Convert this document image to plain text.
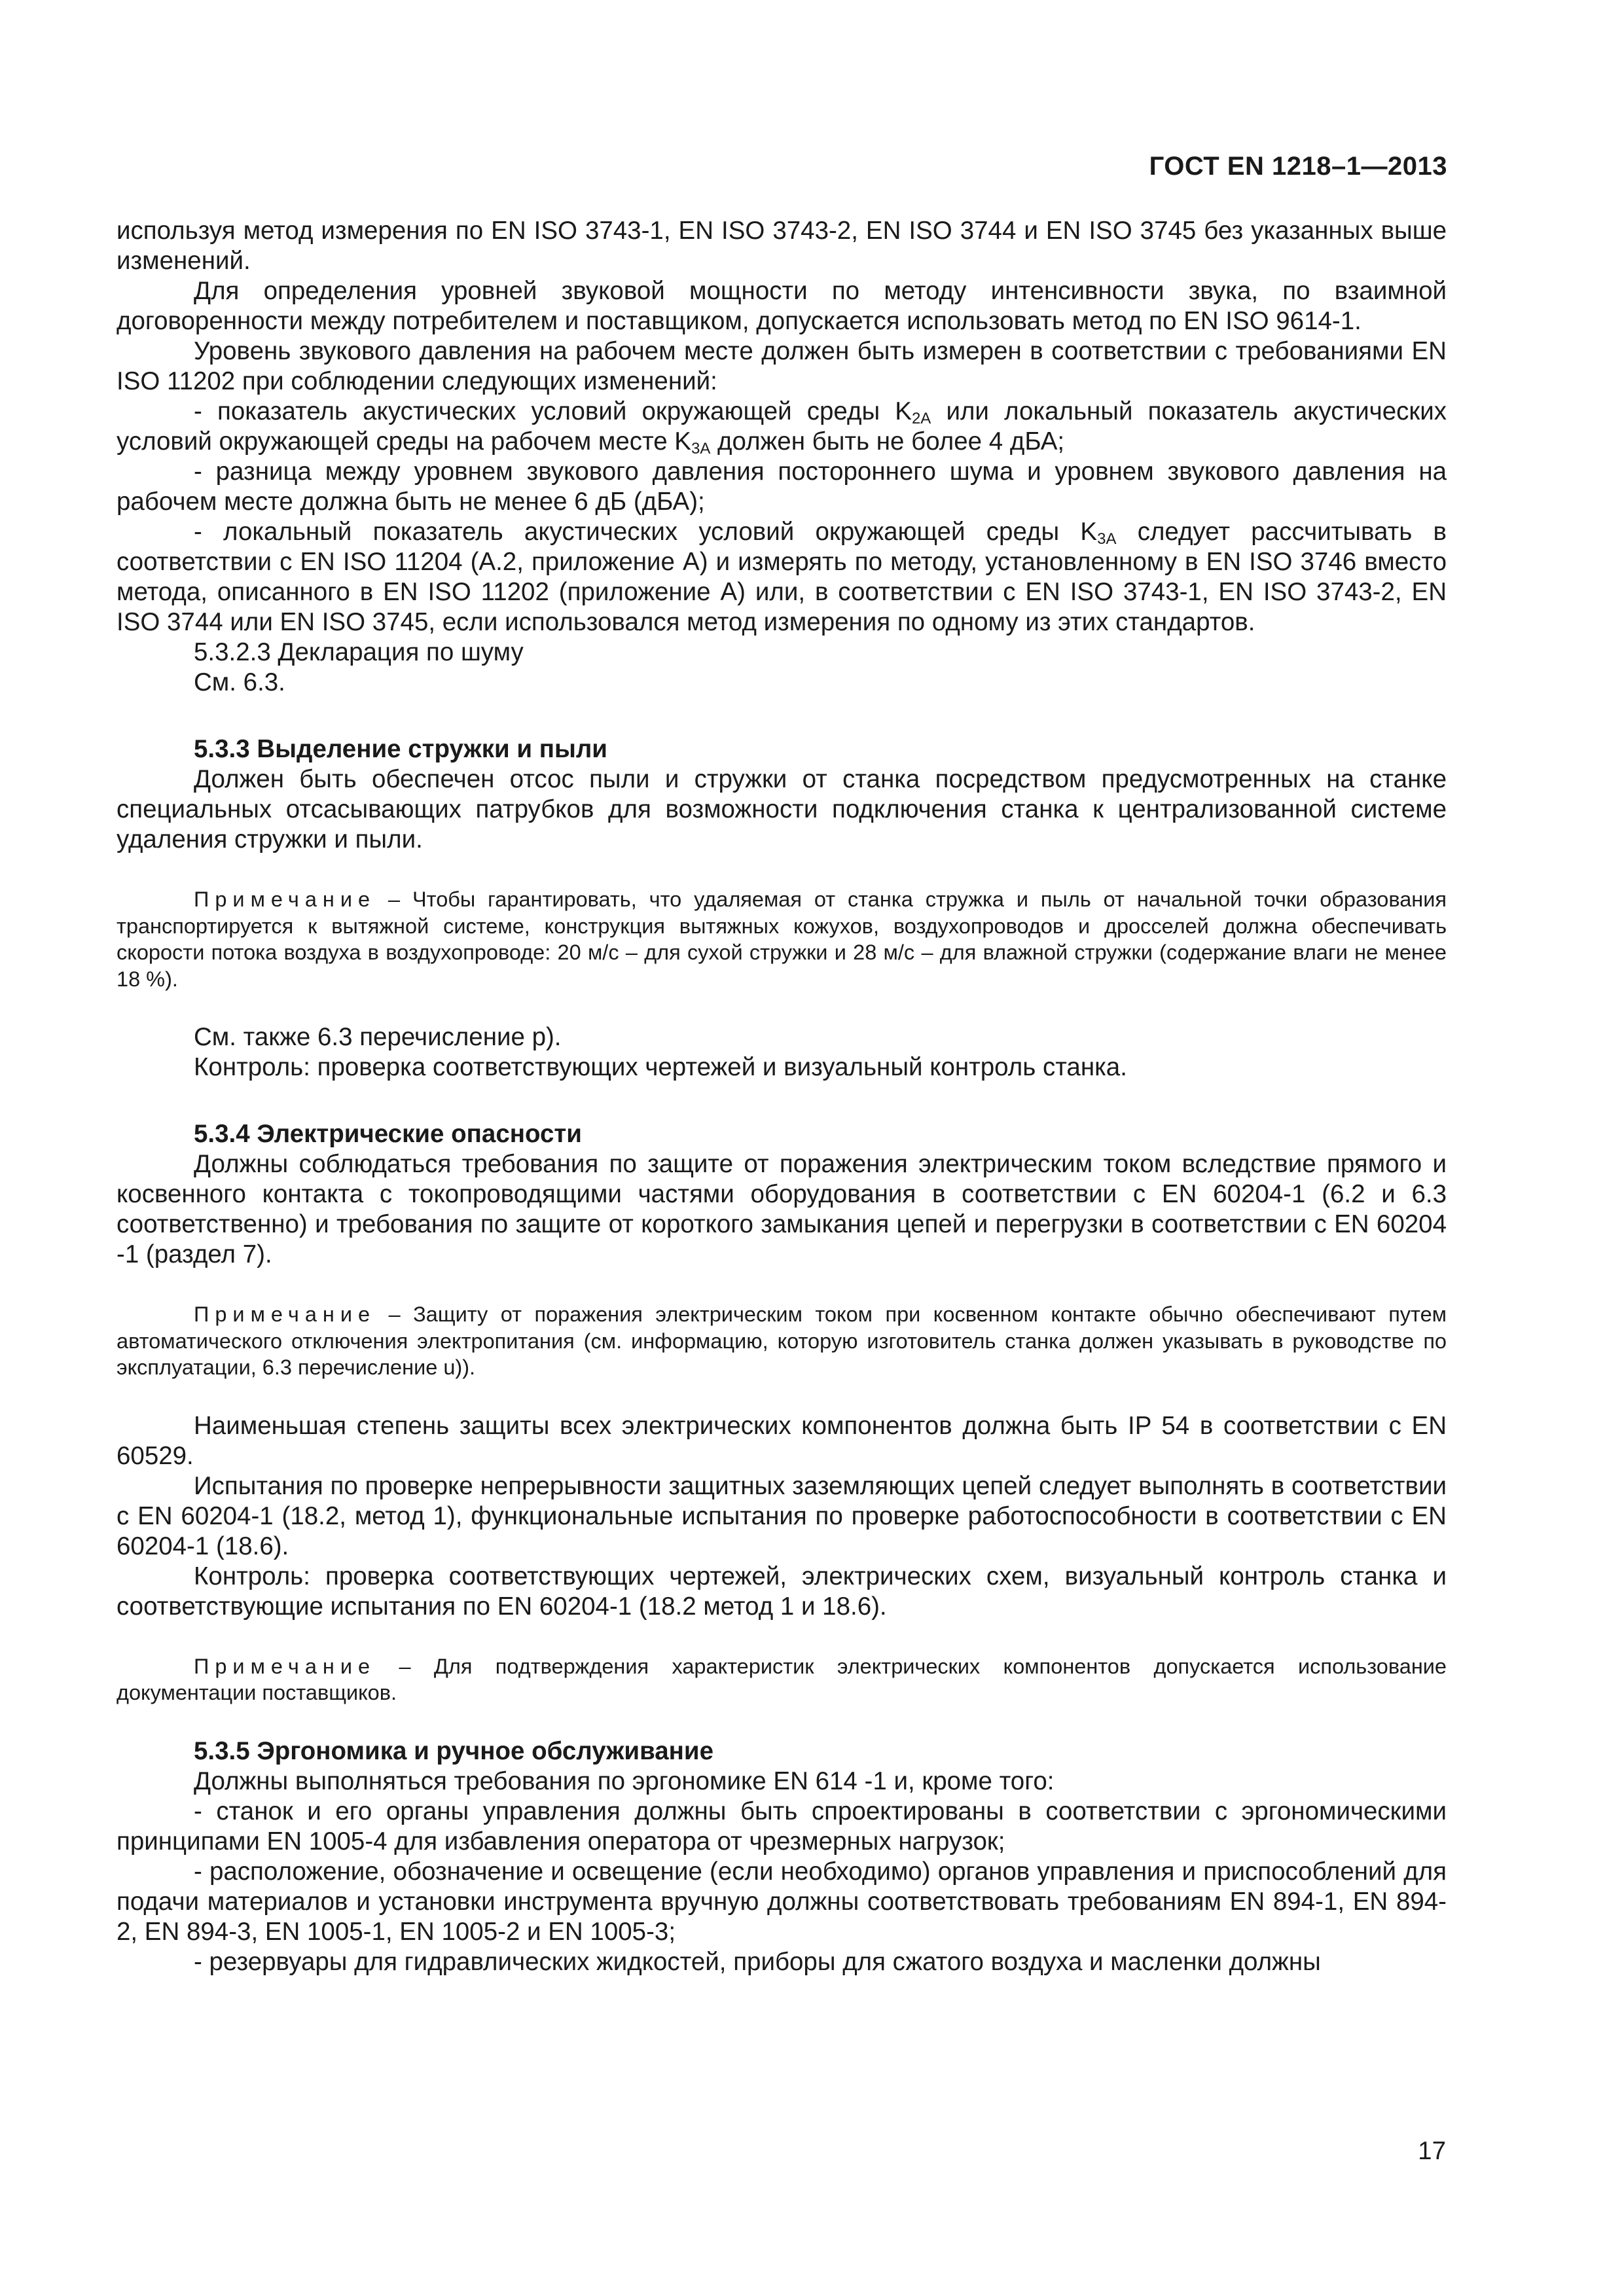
ГОСТ EN 1218–1—2013

используя метод измерения по EN ISO 3743-1, EN ISO 3743-2, EN ISO 3744 и EN ISO 3745 без указанных выше изменений.

Для определения уровней звуковой мощности по методу интенсивности звука, по взаимной договоренности между потребителем и поставщиком, допускается использовать метод по EN ISO 9614-1.

Уровень звукового давления на рабочем месте должен быть измерен в соответствии с требованиями EN ISO 11202 при соблюдении следующих изменений:

- показатель акустических условий окружающей среды $K_{2A}$ или локальный показатель акустических условий окружающей среды на рабочем месте $K_{3A}$ должен быть не более 4 дБА;

- разница между уровнем звукового давления постороннего шума и уровнем звукового давления на рабочем месте должна быть не менее 6 дБ (дБА);

- локальный показатель акустических условий окружающей среды $K_{3A}$ следует рассчитывать в соответствии с EN ISO 11204 (А.2, приложение А) и измерять по методу, установленному в EN ISO 3746 вместо метода, описанного в EN ISO 11202 (приложение А) или, в соответствии с EN ISO 3743-1, EN ISO 3743-2, EN ISO 3744 или EN ISO 3745, если использовался метод измерения по одному из этих стандартов.

5.3.2.3 Декларация по шуму

См. 6.3.

5.3.3 Выделение стружки и пыли

Должен быть обеспечен отсос пыли и стружки от станка посредством предусмотренных на станке специальных отсасывающих патрубков для возможности подключения станка к централизованной системе удаления стружки и пыли.

Примечание – Чтобы гарантировать, что удаляемая от станка стружка и пыль от начальной точки образования транспортируется к вытяжной системе, конструкция вытяжных кожухов, воздухопроводов и дросселей должна обеспечивать скорости потока воздуха в воздухопроводе: 20 м/с – для сухой стружки и 28 м/с – для влажной стружки (содержание влаги не менее 18 %).

См. также 6.3 перечисление р).

Контроль: проверка соответствующих чертежей и визуальный контроль станка.

5.3.4 Электрические опасности

Должны соблюдаться требования по защите от поражения электрическим током вследствие прямого и косвенного контакта с токопроводящими частями оборудования в соответствии с EN 60204-1 (6.2 и 6.3 соответственно) и требования по защите от короткого замыкания цепей и перегрузки в соответствии с EN 60204 -1 (раздел 7).

Примечание – Защиту от поражения электрическим током при косвенном контакте обычно обеспечивают путем автоматического отключения электропитания (см. информацию, которую изготовитель станка должен указывать в руководстве по эксплуатации, 6.3 перечисление u)).

Наименьшая степень защиты всех электрических компонентов должна быть IP 54 в соответствии с EN 60529.

Испытания по проверке непрерывности защитных заземляющих цепей следует выполнять в соответствии с EN 60204-1 (18.2, метод 1), функциональные испытания по проверке работоспособности в соответствии с EN 60204-1 (18.6).

Контроль: проверка соответствующих чертежей, электрических схем, визуальный контроль станка и соответствующие испытания по EN 60204-1 (18.2 метод 1 и 18.6).

Примечание – Для подтверждения характеристик электрических компонентов допускается использование документации поставщиков.

5.3.5 Эргономика и ручное обслуживание

Должны выполняться требования по эргономике EN 614 -1 и, кроме того:

- станок и его органы управления должны быть спроектированы в соответствии с эргономическими принципами EN 1005-4 для избавления оператора от чрезмерных нагрузок;

- расположение, обозначение и освещение (если необходимо) органов управления и приспособлений для подачи материалов и установки инструмента вручную должны соответствовать требованиям EN 894-1, EN 894-2, EN 894-3, EN 1005-1, EN 1005-2 и EN 1005-3;

- резервуары для гидравлических жидкостей, приборы для сжатого воздуха и масленки должны

17
